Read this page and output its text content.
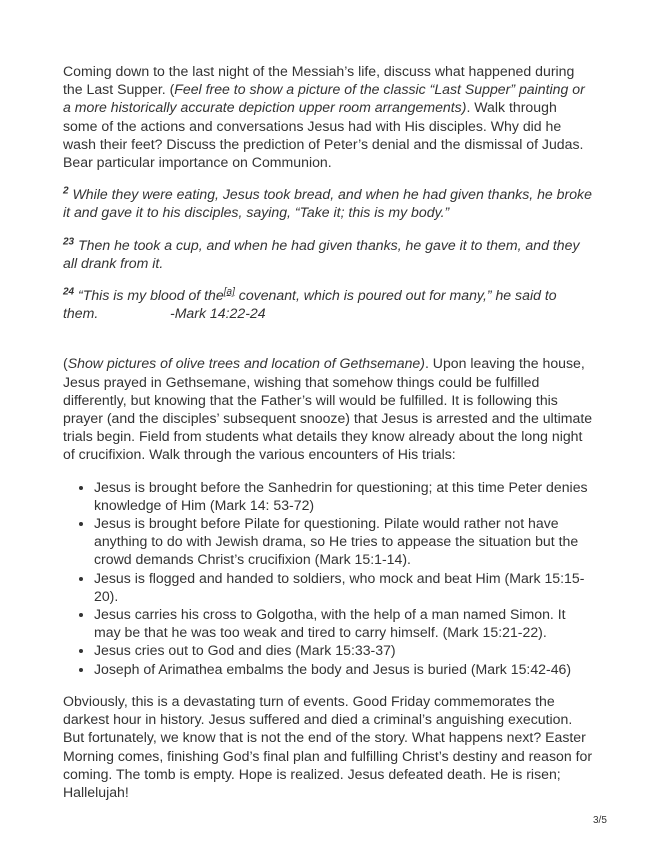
Coming down to the last night of the Messiah’s life, discuss what happened during the Last Supper. (Feel free to show a picture of the classic “Last Supper” painting or a more historically accurate depiction upper room arrangements). Walk through some of the actions and conversations Jesus had with His disciples. Why did he wash their feet? Discuss the prediction of Peter’s denial and the dismissal of Judas. Bear particular importance on Communion.

$^2$ While they were eating, Jesus took bread, and when he had given thanks, he broke it and gave it to his disciples, saying, “Take it; this is my body.”

$^{23}$ Then he took a cup, and when he had given thanks, he gave it to them, and they all drank from it.

$^{24}$ “This is my blood of the[a] covenant, which is poured out for many,” he said to
them.	-Mark 14:22-24

(Show pictures of olive trees and location of Gethsemane). Upon leaving the house, Jesus prayed in Gethsemane, wishing that somehow things could be fulfilled differently, but knowing that the Father’s will would be fulfilled. It is following this prayer (and the disciples’ subsequent snooze) that Jesus is arrested and the ultimate trials begin. Field from students what details they know already about the long night of crucifixion. Walk through the various encounters of His trials:

• Jesus is brought before the Sanhedrin for questioning; at this time Peter denies knowledge of Him (Mark 14: 53-72)
• Jesus is brought before Pilate for questioning. Pilate would rather not have anything to do with Jewish drama, so He tries to appease the situation but the crowd demands Christ’s crucifixion (Mark 15:1-14).
• Jesus is flogged and handed to soldiers, who mock and beat Him (Mark 15:15-20).
• Jesus carries his cross to Golgotha, with the help of a man named Simon. It may be that he was too weak and tired to carry himself. (Mark 15:21-22).
• Jesus cries out to God and dies (Mark 15:33-37)
• Joseph of Arimathea embalms the body and Jesus is buried (Mark 15:42-46)

Obviously, this is a devastating turn of events. Good Friday commemorates the darkest hour in history. Jesus suffered and died a criminal’s anguishing execution. But fortunately, we know that is not the end of the story. What happens next? Easter Morning comes, finishing God’s final plan and fulfilling Christ’s destiny and reason for coming. The tomb is empty. Hope is realized. Jesus defeated death. He is risen; Hallelujah!

3/5
